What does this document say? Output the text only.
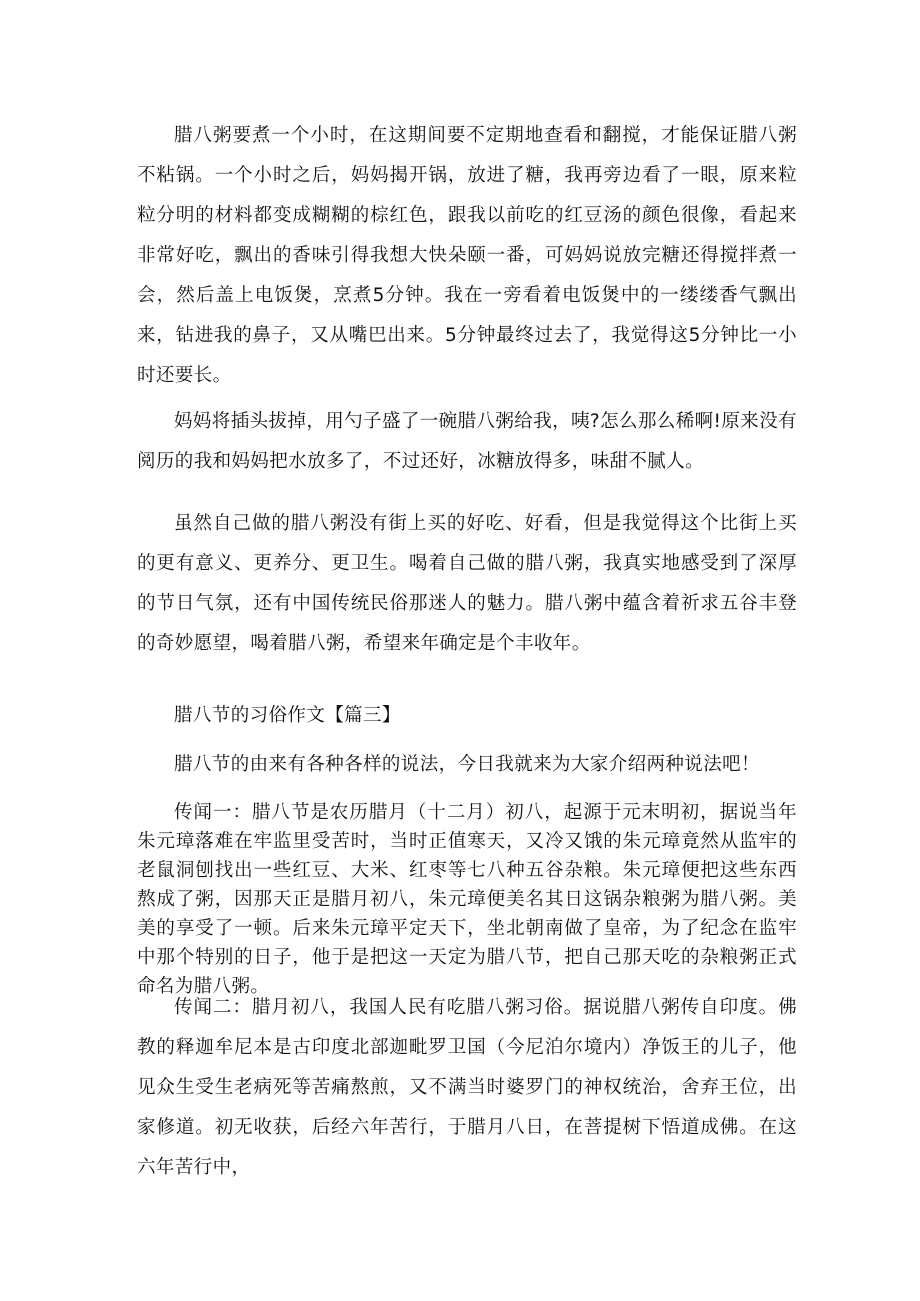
腊八粥要煮一个小时，在这期间要不定期地查看和翻搅，才能保证腊八粥不粘锅。一个小时之后，妈妈揭开锅，放进了糖，我再旁边看了一眼，原来粒粒分明的材料都变成糊糊的棕红色，跟我以前吃的红豆汤的颜色很像，看起来非常好吃，飘出的香味引得我想大快朵颐一番，可妈妈说放完糖还得搅拌煮一会，然后盖上电饭煲，烹煮5分钟。我在一旁看着电饭煲中的一缕缕香气飘出来，钻进我的鼻子，又从嘴巴出来。5分钟最终过去了，我觉得这5分钟比一小时还要长。

妈妈将插头拔掉，用勺子盛了一碗腊八粥给我，咦?怎么那么稀啊!原来没有阅历的我和妈妈把水放多了，不过还好，冰糖放得多，味甜不腻人。

虽然自己做的腊八粥没有街上买的好吃、好看，但是我觉得这个比街上买的更有意义、更养分、更卫生。喝着自己做的腊八粥，我真实地感受到了深厚的节日气氛，还有中国传统民俗那迷人的魅力。腊八粥中蕴含着祈求五谷丰登的奇妙愿望，喝着腊八粥，希望来年确定是个丰收年。

腊八节的习俗作文【篇三】

腊八节的由来有各种各样的说法，今日我就来为大家介绍两种说法吧！

传闻一：腊八节是农历腊月（十二月）初八，起源于元末明初，据说当年朱元璋落难在牢监里受苦时，当时正值寒天，又冷又饿的朱元璋竟然从监牢的老鼠洞刨找出一些红豆、大米、红枣等七八种五谷杂粮。朱元璋便把这些东西熬成了粥，因那天正是腊月初八，朱元璋便美名其日这锅杂粮粥为腊八粥。美美的享受了一顿。后来朱元璋平定天下，坐北朝南做了皇帝，为了纪念在监牢中那个特别的日子，他于是把这一天定为腊八节，把自己那天吃的杂粮粥正式命名为腊八粥。

传闻二：腊月初八，我国人民有吃腊八粥习俗。据说腊八粥传自印度。佛教的释迦牟尼本是古印度北部迦毗罗卫国（今尼泊尔境内）净饭王的儿子，他见众生受生老病死等苦痛熬煎，又不满当时婆罗门的神权统治，舍弃王位，出家修道。初无收获，后经六年苦行，于腊月八日，在菩提树下悟道成佛。在这六年苦行中，
